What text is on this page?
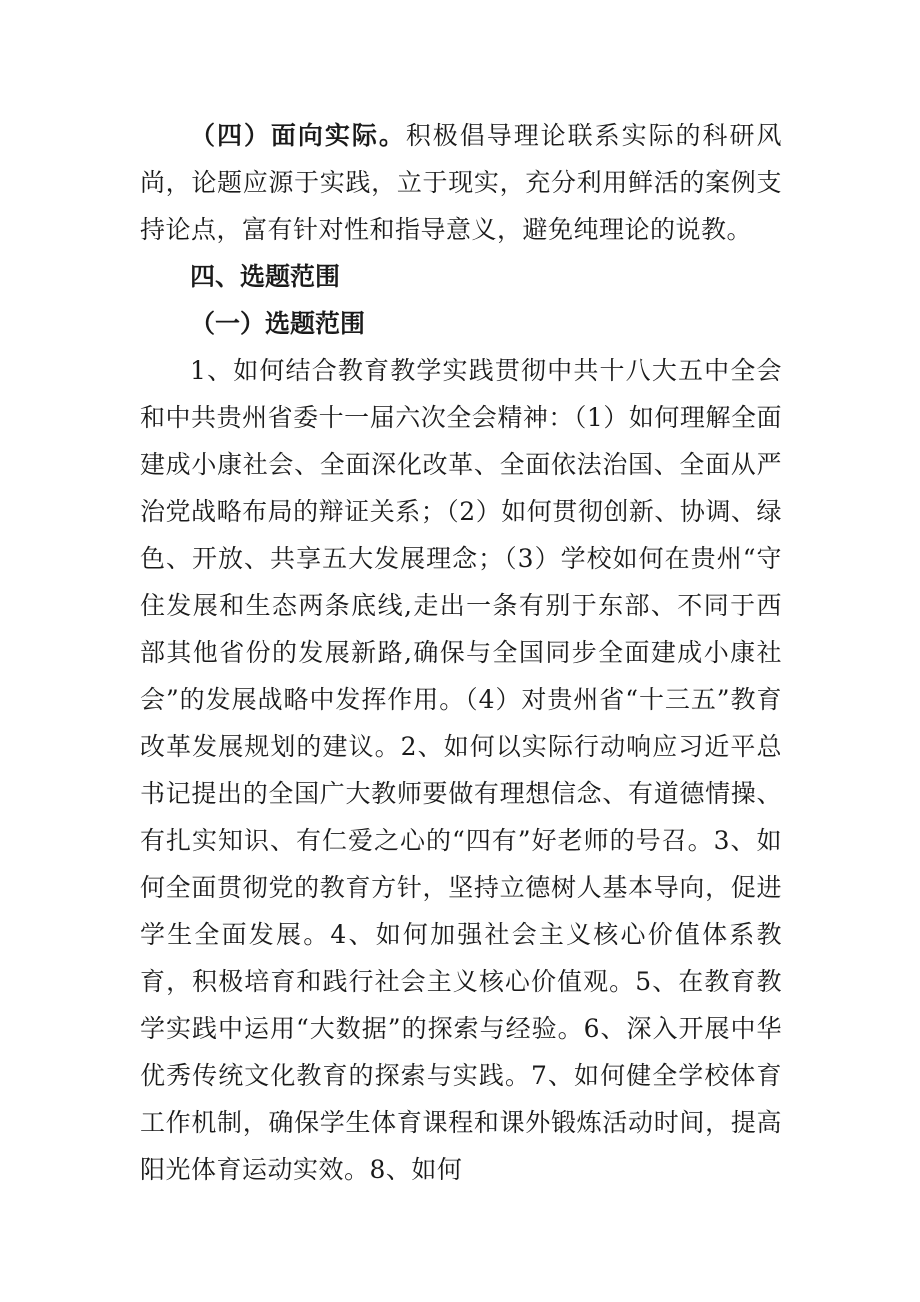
（四）面向实际。积极倡导理论联系实际的科研风尚，论题应源于实践，立于现实，充分利用鲜活的案例支持论点，富有针对性和指导意义，避免纯理论的说教。

四、选题范围

（一）选题范围

1、如何结合教育教学实践贯彻中共十八大五中全会和中共贵州省委十一届六次全会精神：（1）如何理解全面建成小康社会、全面深化改革、全面依法治国、全面从严治党战略布局的辩证关系；（2）如何贯彻创新、协调、绿色、开放、共享五大发展理念；（3）学校如何在贵州“守住发展和生态两条底线,走出一条有别于东部、不同于西部其他省份的发展新路,确保与全国同步全面建成小康社会”的发展战略中发挥作用。（4）对贵州省“十三五”教育改革发展规划的建议。2、如何以实际行动响应习近平总书记提出的全国广大教师要做有理想信念、有道德情操、有扎实知识、有仁爱之心的“四有”好老师的号召。3、如何全面贯彻党的教育方针，坚持立德树人基本导向，促进学生全面发展。4、如何加强社会主义核心价值体系教育，积极培育和践行社会主义核心价值观。5、在教育教学实践中运用“大数据”的探索与经验。6、深入开展中华优秀传统文化教育的探索与实践。7、如何健全学校体育工作机制，确保学生体育课程和课外锻炼活动时间，提高阳光体育运动实效。8、如何
